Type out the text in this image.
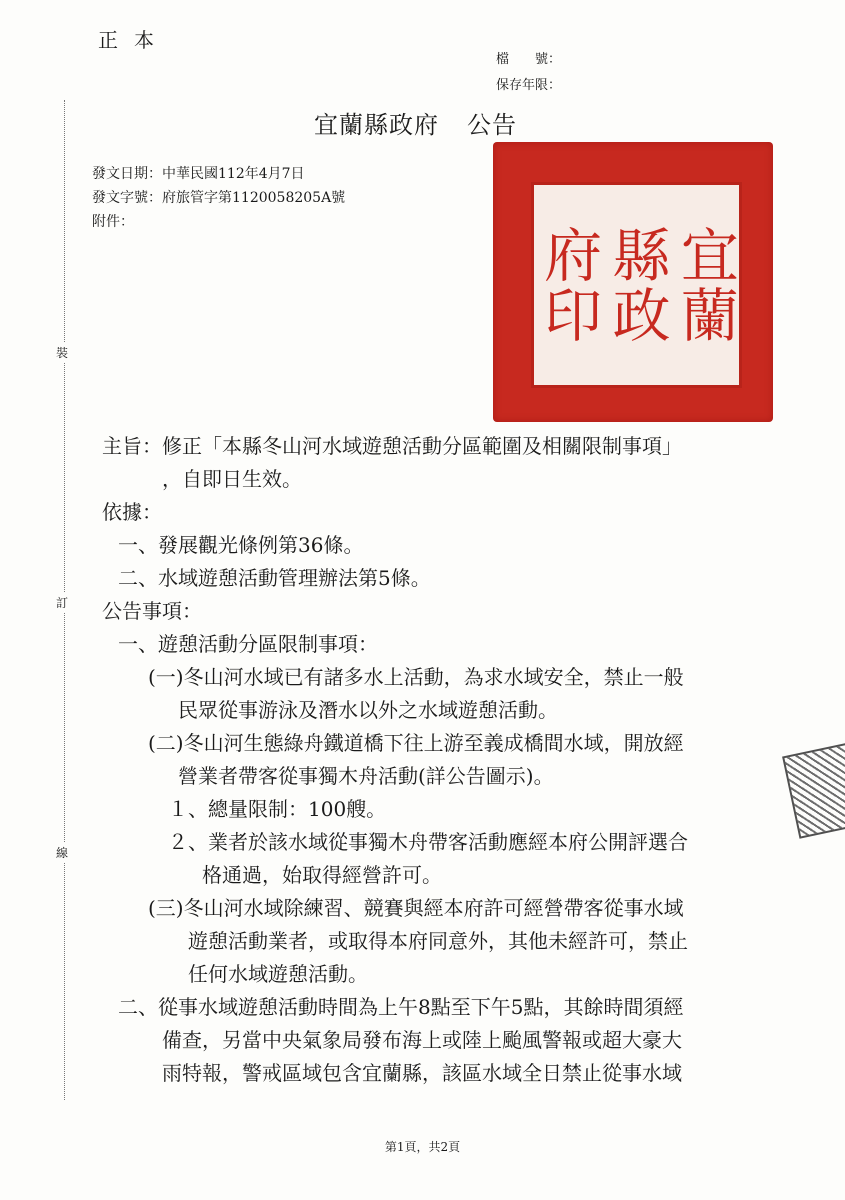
正本
檔　　號：
保存年限：
宜蘭縣政府 公告
發文日期：中華民國112年4月7日
發文字號：府旅管字第1120058205A號
附件：
裝
訂
線
宜蘭
縣政
府印
主旨：修正「本縣冬山河水域遊憩活動分區範圍及相關限制事項」
，自即日生效。
依據：
一、發展觀光條例第36條。
二、水域遊憩活動管理辦法第5條。
公告事項：
一、遊憩活動分區限制事項：
(一)冬山河水域已有諸多水上活動，為求水域安全，禁止一般
民眾從事游泳及潛水以外之水域遊憩活動。
(二)冬山河生態綠舟鐵道橋下往上游至義成橋間水域，開放經
營業者帶客從事獨木舟活動(詳公告圖示)。
１、總量限制：100艘。
２、業者於該水域從事獨木舟帶客活動應經本府公開評選合
格通過，始取得經營許可。
(三)冬山河水域除練習、競賽與經本府許可經營帶客從事水域
遊憩活動業者，或取得本府同意外，其他未經許可，禁止
任何水域遊憩活動。
二、從事水域遊憩活動時間為上午8點至下午5點，其餘時間須經
備查，另當中央氣象局發布海上或陸上颱風警報或超大豪大
雨特報，警戒區域包含宜蘭縣，該區水域全日禁止從事水域
第1頁，共2頁
